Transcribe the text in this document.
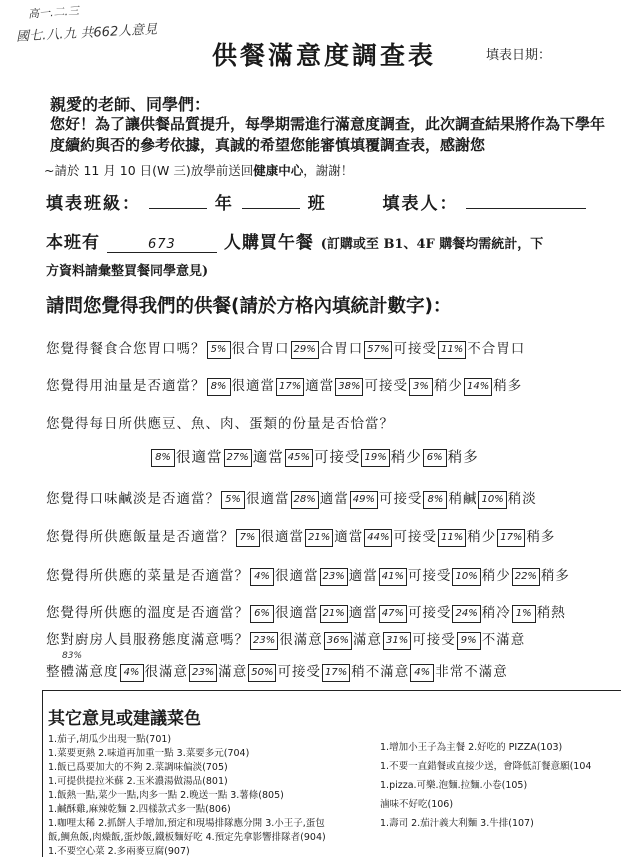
高一.二.三
國七.八.九 共662人意見
供餐滿意度調查表	填表日期：
親愛的老師、同學們：
您好！為了讓供餐品質提升，每學期需進行滿意度調查，此次調查結果將作為下學年度續約與否的參考依據，真誠的希望您能審慎填覆調查表，感謝您
~請於 11 月 10 日(W 三)放學前送回健康中心，謝謝！
填表班級：	年	班	填表人：
本班有	673	人購買午餐 (訂購或至 B1、4F 購餐均需統計，下
方資料請彙整買餐同學意見)
請問您覺得我們的供餐(請於方格內填統計數字)：
您覺得餐食合您胃口嗎？ 5% 很合胃口 29% 合胃口 57% 可接受 11% 不合胃口
您覺得用油量是否適當？ 8% 很適當 17% 適當 38% 可接受 3% 稍少 14% 稍多
您覺得每日所供應豆、魚、肉、蛋類的份量是否恰當？
8% 很適當 27% 適當 45% 可接受 19% 稍少 6% 稍多
您覺得口味鹹淡是否適當？ 5% 很適當 28% 適當 49% 可接受 8% 稍鹹 10% 稍淡
您覺得所供應飯量是否適當？ 7% 很適當 21% 適當 44% 可接受 11% 稍少 17% 稍多
您覺得所供應的菜量是否適當？ 4% 很適當 23% 適當 41% 可接受 10% 稍少 22% 稍多
您覺得所供應的溫度是否適當？ 6% 很適當 21% 適當 47% 可接受 24% 稍冷 1% 稍熱
您對廚房人員服務態度滿意嗎？ 23% 很滿意 36% 滿意 31% 可接受 9% 不滿意
整體滿意度 4% 很滿意 23% 滿意 50% 可接受 17% 稍不滿意 4% 非常不滿意
83%
其它意見或建議菜色
1.茄子,胡瓜少出現一點(701)
1.菜要更熱 2.味道再加重一點 3.菜要多元(704)
1.飯已爲要加大的不夠 2.菜調味偏淡(705)
1.可提供提拉米蘇 2.玉米濃湯做湯品(801)
1.飯熱一點,菜少一點,肉多一點 2.晚送一點 3.薯條(805)
1.鹹酥雞,麻辣乾麵 2.四樣款式多一點(806)
1.咖哩太稀 2.抓餅人手增加,預定和現場排隊應分開 3.小王子,蛋包
飯,鯛魚飯,肉燥飯,蛋炒飯,鐵板麵好吃 4.預定先拿影響排隊者(904)
1.不要空心菜 2.多兩麥豆腐(907)
1.增加小王子為主餐 2.好吃的 PIZZA(103)
1.不要一直錯餐或直接少送，會降低訂餐意願(104
1.pizza.可樂.泡麵.拉麵.小卷(105)
滷味不好吃(106)
1.壽司 2.茄汁義大利麵 3.牛排(107)
